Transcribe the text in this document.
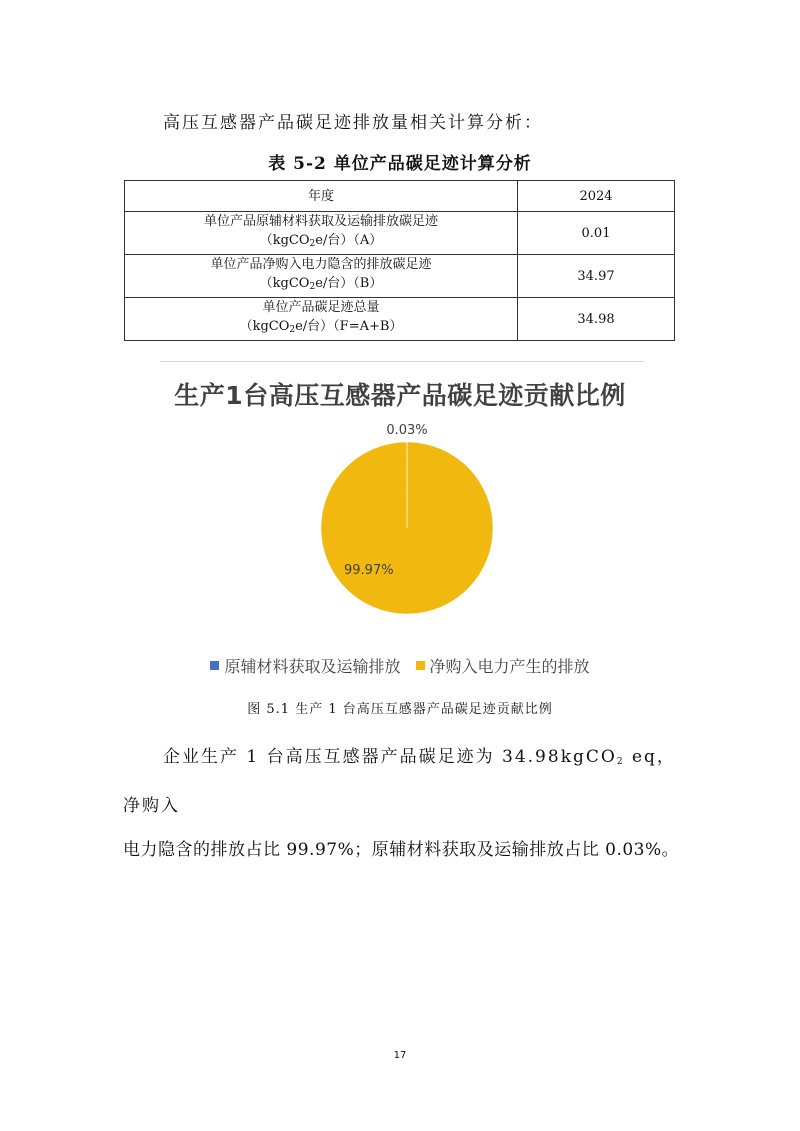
高压互感器产品碳足迹排放量相关计算分析：
表 5-2 单位产品碳足迹计算分析
年度	2024

单位产品原辅材料获取及运输排放碳足迹
（kgCO$_2$e/台）（A）	0.01

单位产品净购入电力隐含的排放碳足迹
（kgCO$_2$e/台）（B）	34.97

单位产品碳足迹总量
（kgCO$_2$e/台）（F=A+B）	34.98
生产1台高压互感器产品碳足迹贡献比例
0.03%
99.97%
原辅材料获取及运输排放 净购入电力产生的排放
图 5.1 生产 1 台高压互感器产品碳足迹贡献比例
企业生产 1 台高压互感器产品碳足迹为 34.98kgCO$_2$ eq，净购入
电力隐含的排放占比 99.97%；原辅材料获取及运输排放占比 0.03%。
17
